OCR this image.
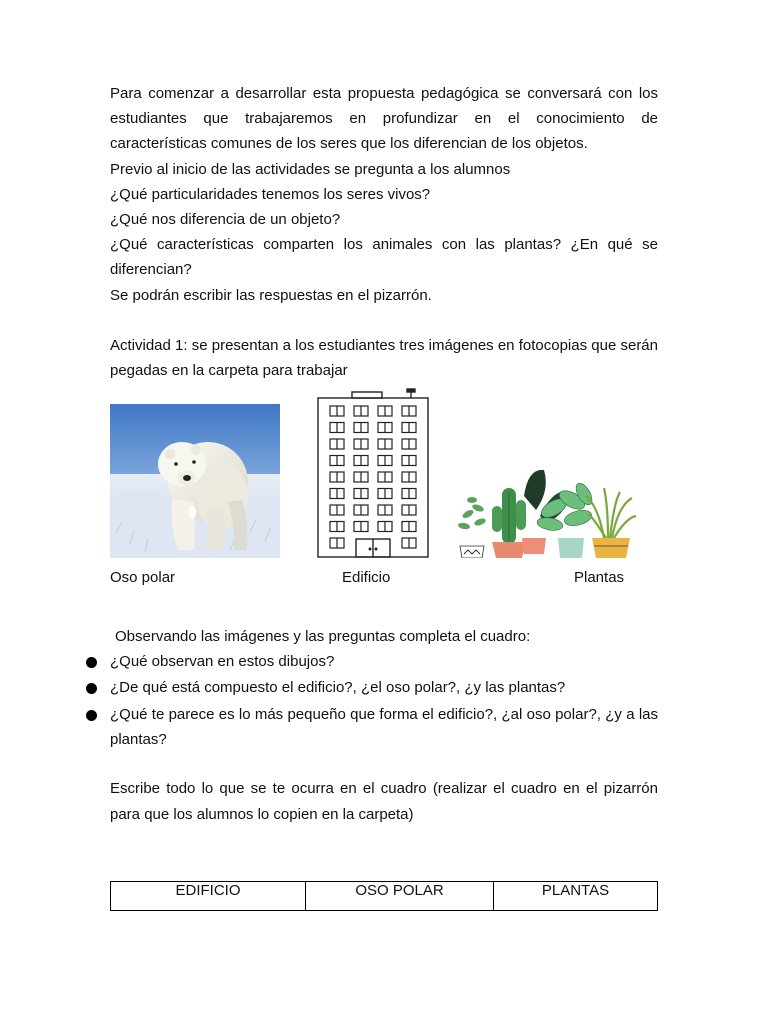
Para comenzar a desarrollar esta propuesta pedagógica se conversará con los estudiantes que trabajaremos en profundizar en el conocimiento de características comunes de los seres que los diferencian de los objetos.

Previo al inicio de las actividades se pregunta a los alumnos

¿Qué particularidades tenemos los seres vivos?

¿Qué nos diferencia de un objeto?

¿Qué características comparten los animales con las plantas? ¿En qué se diferencian?

Se podrán escribir las respuestas en el pizarrón.

Actividad 1: se presentan a los estudiantes tres imágenes en fotocopias que serán pegadas en la carpeta para trabajar

Oso polar	Edificio	Plantas

Observando las imágenes y las preguntas completa el cuadro:

¿Qué observan en estos dibujos?

¿De qué está compuesto el edificio?, ¿el oso polar?, ¿y las plantas?

¿Qué te parece es lo más pequeño que forma el edificio?, ¿al oso polar?, ¿y a las plantas?

Escribe todo lo que se te ocurra en el cuadro (realizar el cuadro en el pizarrón para que los alumnos lo copien en la carpeta)

EDIFICIO	OSO POLAR	PLANTAS
